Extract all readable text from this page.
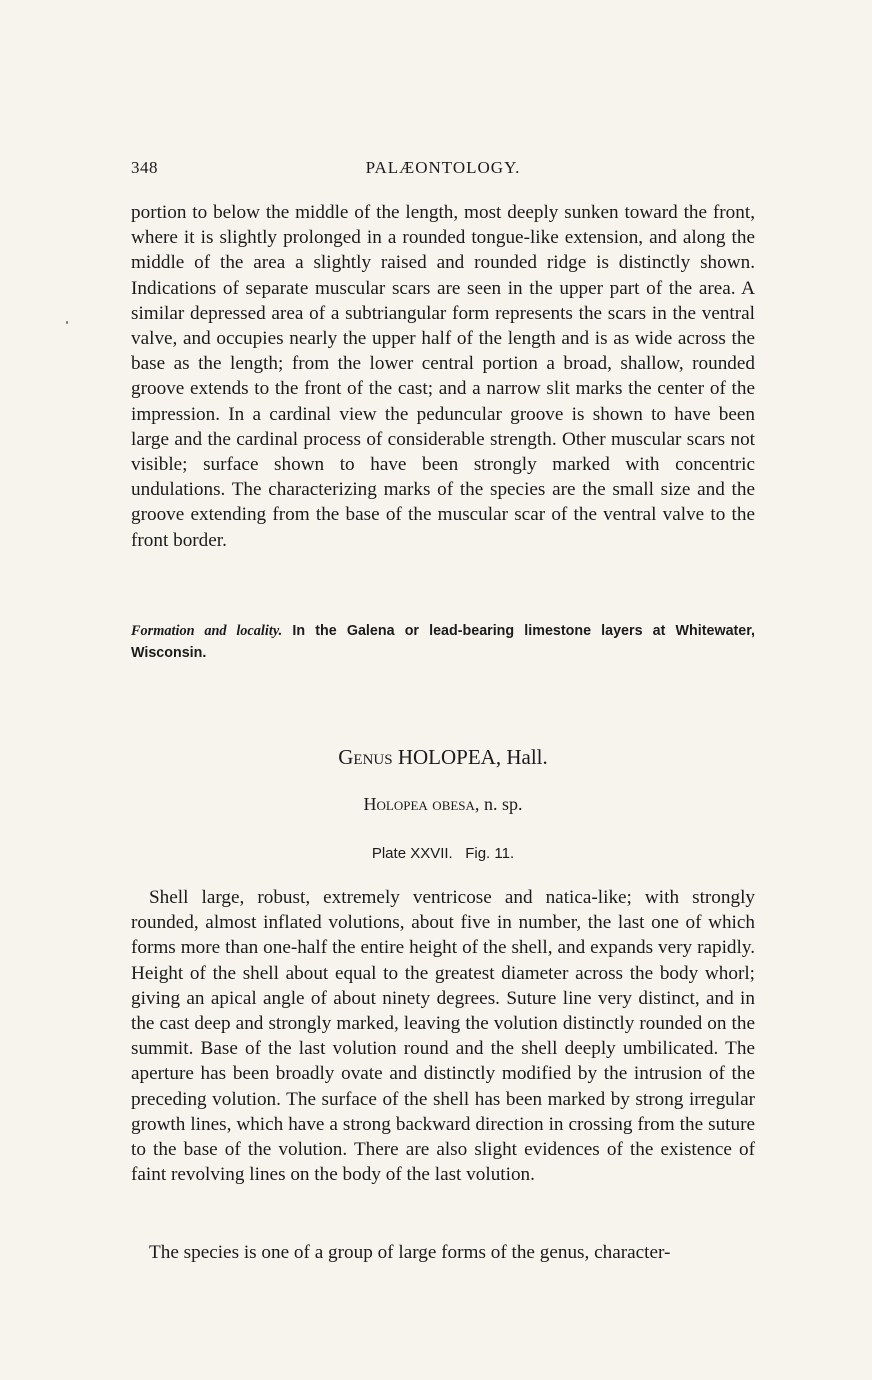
348	PALÆONTOLOGY.

portion to below the middle of the length, most deeply sunken toward the front, where it is slightly prolonged in a rounded tongue-like extension, and along the middle of the area a slightly raised and rounded ridge is distinctly shown. Indications of separate muscular scars are seen in the upper part of the area. A similar depressed area of a subtriangular form represents the scars in the ventral valve, and occupies nearly the upper half of the length and is as wide across the base as the length; from the lower central portion a broad, shallow, rounded groove extends to the front of the cast; and a narrow slit marks the center of the impression. In a cardinal view the peduncular groove is shown to have been large and the cardinal process of considerable strength. Other muscular scars not visible; surface shown to have been strongly marked with concentric undulations. The characterizing marks of the species are the small size and the groove extending from the base of the muscular scar of the ventral valve to the front border.

Formation and locality. In the Galena or lead-bearing limestone layers at Whitewater, Wisconsin.

Genus HOLOPEA, Hall.
Holopea obesa, n. sp.

Plate XXVII.   Fig. 11.

Shell large, robust, extremely ventricose and natica-like; with strongly rounded, almost inflated volutions, about five in number, the last one of which forms more than one-half the entire height of the shell, and expands very rapidly. Height of the shell about equal to the greatest diameter across the body whorl; giving an apical angle of about ninety degrees. Suture line very distinct, and in the cast deep and strongly marked, leaving the volution distinctly rounded on the summit. Base of the last volution round and the shell deeply umbilicated. The aperture has been broadly ovate and distinctly modified by the intrusion of the preceding volution. The surface of the shell has been marked by strong irregular growth lines, which have a strong backward direction in crossing from the suture to the base of the volution. There are also slight evidences of the existence of faint revolving lines on the body of the last volution.

The species is one of a group of large forms of the genus, character-
